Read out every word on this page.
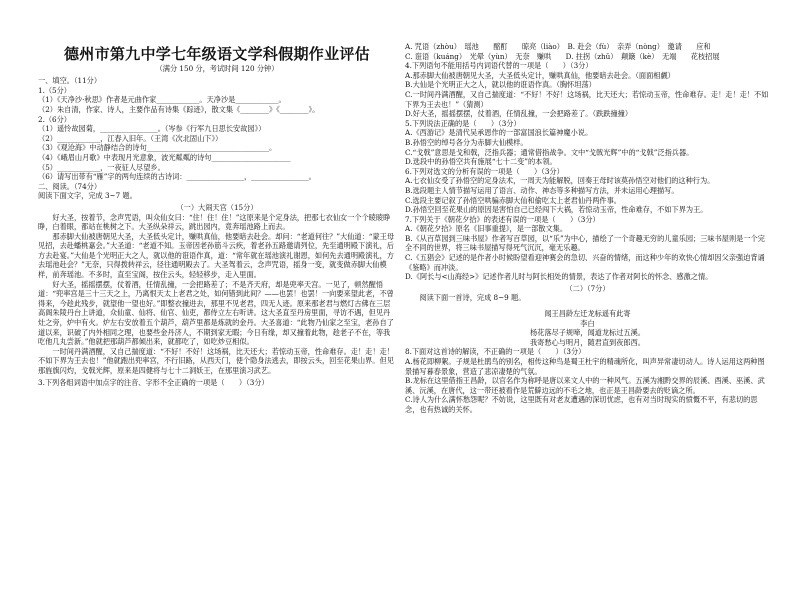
德州市第九中学七年级语文学科假期作业评估
（满分 150 分，考试时间 120 分钟）
一、填空。（11分）
1.（5分）
（1）《天净沙·秋思》作者是元曲作家____________。天净沙是____________。
（2）朱自清，作家、诗人，主要作品有诗集《踪迹》，散文集《________》《________》。
2.（6分）
（1）遥怜故园菊，________________。（岑参《行军九日思长安故园》）
（2）____________，江春入旧年。（王湾《次北固山下》）
（3）《观沧海》中动静结合的诗句__________________________________。
（4）《峨眉山月歌》中表现月光意象，波光粼粼的诗句______________________
（5）____________，一夜征人尽望乡。
（6）请写出带有“雁”字的两句连续的古诗词：________________，________________。
二、阅读。（74分）
阅读下面文字，完成 3~7 题。
（一）大闹天宫（15分）

好大圣，按着节，念声咒语，叫众仙女曰：“住！住！住！”这原来是个定身法，把那七衣仙女一个个睖睖睁睁，白着眼，都站在桃树之下。大圣纵朵祥云，跳出园内，竟奔瑶池路上而去。

那赤脚大仙被唐朝见大圣，大圣低头定计，赚哄真仙，他要暗去赴会。却问：“老道何往？”大仙道：“蒙王母见招，去赴蟠桃嘉会。”大圣道：“老道不知。玉帝因老孙筋斗云疾，着老孙五路邀请列位，先至通明殿下演礼，后方去赴宴。”大仙是个光明正大之人，就以他的诳语作真，道：“常年就在瑶池演礼谢恩，如何先去通明殿演礼，方去瑶池赴会？”无奈，只得拨转祥云，径往通明殿去了。大圣驾着云，念声咒语，摇身一变，就变做赤脚大仙模样，前奔瑶池。不多时，直至宝阁，按住云头，轻轻移步，走入里面。

好大圣，摇摇摆摆，仗着酒，任情乱撞，一会把路差了；不是齐天府，却是兜率天宫。一见了，顿然醒悟道：“兜率宫是三十三天之上，乃离恨天太上老君之处，如何错到此间？——也罢！也罢！一向要来望此老，不曾得来，今趁此残步，就望他一望也好。”即整衣撞进去，那里不见老君，四无人迹。原来那老君与燃灯古佛在三层高阁朱陵丹台上讲道，众仙童、仙将、仙官、仙吏，都侍立左右听讲。这大圣直至丹房里面，寻访不遇，但见丹灶之旁，炉中有火。炉左右安放着五个葫芦，葫芦里都是炼就的金丹。大圣喜道：“此物乃仙家之至宝，老孙自了道以来，识破了内外相同之理，也要些金丹济人，不期到家无暇；今日有缘，却又撞着此物，趁老子不在，等我吃他几丸尝新。”他就把那葫芦都倾出来，就都吃了，如吃炒豆相似。

一时间丹满酒醒，又自己揣度道：“不好！不好！这场祸，比天还大；若惊动玉帝，性命难存。走！走！走！不如下界为王去也！”他就跑出兜率宫，不行旧路，从西天门，使个隐身法逃去，即按云头，回至花果山界。但见那旌旗闪灼，戈戟光辉，原来是四健将与七十二洞妖王，在那里演习武艺。

3.下列各组词语中加点字的注音、字形不全正确的一项是（　　）（3分）
A. 咒语（zhòu）　瑶池　　酩酊　　晾亮（liào）　B. 赴会（fù）　亲弄（nòng）　邀请　　应和
C. 诳语（kuáng）　光晕（yùn）　无奈　赚哄　　D. 拄拐（zhǔ）　颠簸（kè）　无端　　花枝招展
4.下列语句不能用括号内词语代替的一项是（　　）（3分）
A.那赤脚大仙被唐朝见大圣，大圣低头定计，赚哄真仙，他要暗去赴会。（面面相觑）
B.大仙是个光明正大之人，就以他的诳语作真。（胸怀坦荡）
C.一时间丹满酒醒，又自己揣度道：“不好！不好！这场祸，比天还大；若惊动玉帝，性命难存。走！走！走！不如下界为王去也！”（猜测）
D.好大圣，摇摇摆摆，仗着酒，任情乱撞，一会把路差了。（跌跌撞撞）
5.下列说法正确的是（　　）（3分）
A.《西游记》是清代吴承恩作的一部富国浪长篇神魔小说。
B.孙悟空的绰号各分为赤脚大仙模样。
C.“戈戟”意思是戈和戟，泛指兵器；通常借指战争。文中“戈戟光辉”中的“戈戟”泛指兵器。
D.选段中的孙悟空共有施展“七十二变”的本领。
6.下列对选文的分析有误的一项是（　　）（3分）
A.七衣仙女受了孙悟空的定身法术，一周天为能解脱，回奏王母时该莫孙悟空对他们的这种行为。
B.选段题主人情节描写运用了语言、动作、神态等多种描写方法，并未运用心理描写。
C.选段主要记叙了孙悟空哄骗赤脚大仙和偷吃太上老君仙丹两件事。
D.孙悟空回至花果山的原因是害怕自己已经闯下大祸，若惊动玉帝，性命难存，不如下界为王。
7.下列关于《朝花夕拾》的表述有误的一项是（　　）（3分）
A.《朝花夕拾》原名《旧事重提》，是一部散文集。
B.《从百草园到三味书屋》作者写百草园，以“乐”为中心，描绘了一个奇趣无穷的儿童乐园；三味书屋则是一个完全不同的世界，将三味书屋描写得死气沉沉，毫无乐趣。
C.《五猖会》记述的是作者小时候盼望看迎神赛会的急切、兴奋的情绪，而这种少年的欢快心情却因父亲强迫背诵《鉴略》而冲淡。
D.《阿长与<山海经>》记述作者儿时与阿长相处的情景，表达了作者对阿长的怀念、感激之情。
（二）（7分）
阅读下面一首诗，完成 8~9 题。
闻王昌龄左迁龙标遥有此寄
李白
杨花落尽子规啼，闻道龙标过五溪。
我寄愁心与明月，随君直到夜郎西。
8.下面对这首诗的解读，不正确的一项是（　　）（3分）
A.杨花即柳絮。子规是杜鹃鸟的别名，相传这种鸟是蜀王杜宇的精魂所化，叫声异常凄切动人。诗人运用这两种图景描写暮春景象，营造了悲凉凄楚的气氛。
B.龙标在这里借指王昌龄，以官名作为称呼是唐以来文人中的一种风气。五溪为湘黔交界的辰溪、酉溪、巫溪、武溪、沅溪，在唐代，这一带还被看作是荒僻边远的不毛之地，也正是王昌龄要去的贬谪之所。
C.诗人为什么满怀愁怨呢？不妨说，这里既有对老友遭遇的深切忧虑，也有对当时现实的愤慨不平，有悲切的思念，也有热诚的关怀。
